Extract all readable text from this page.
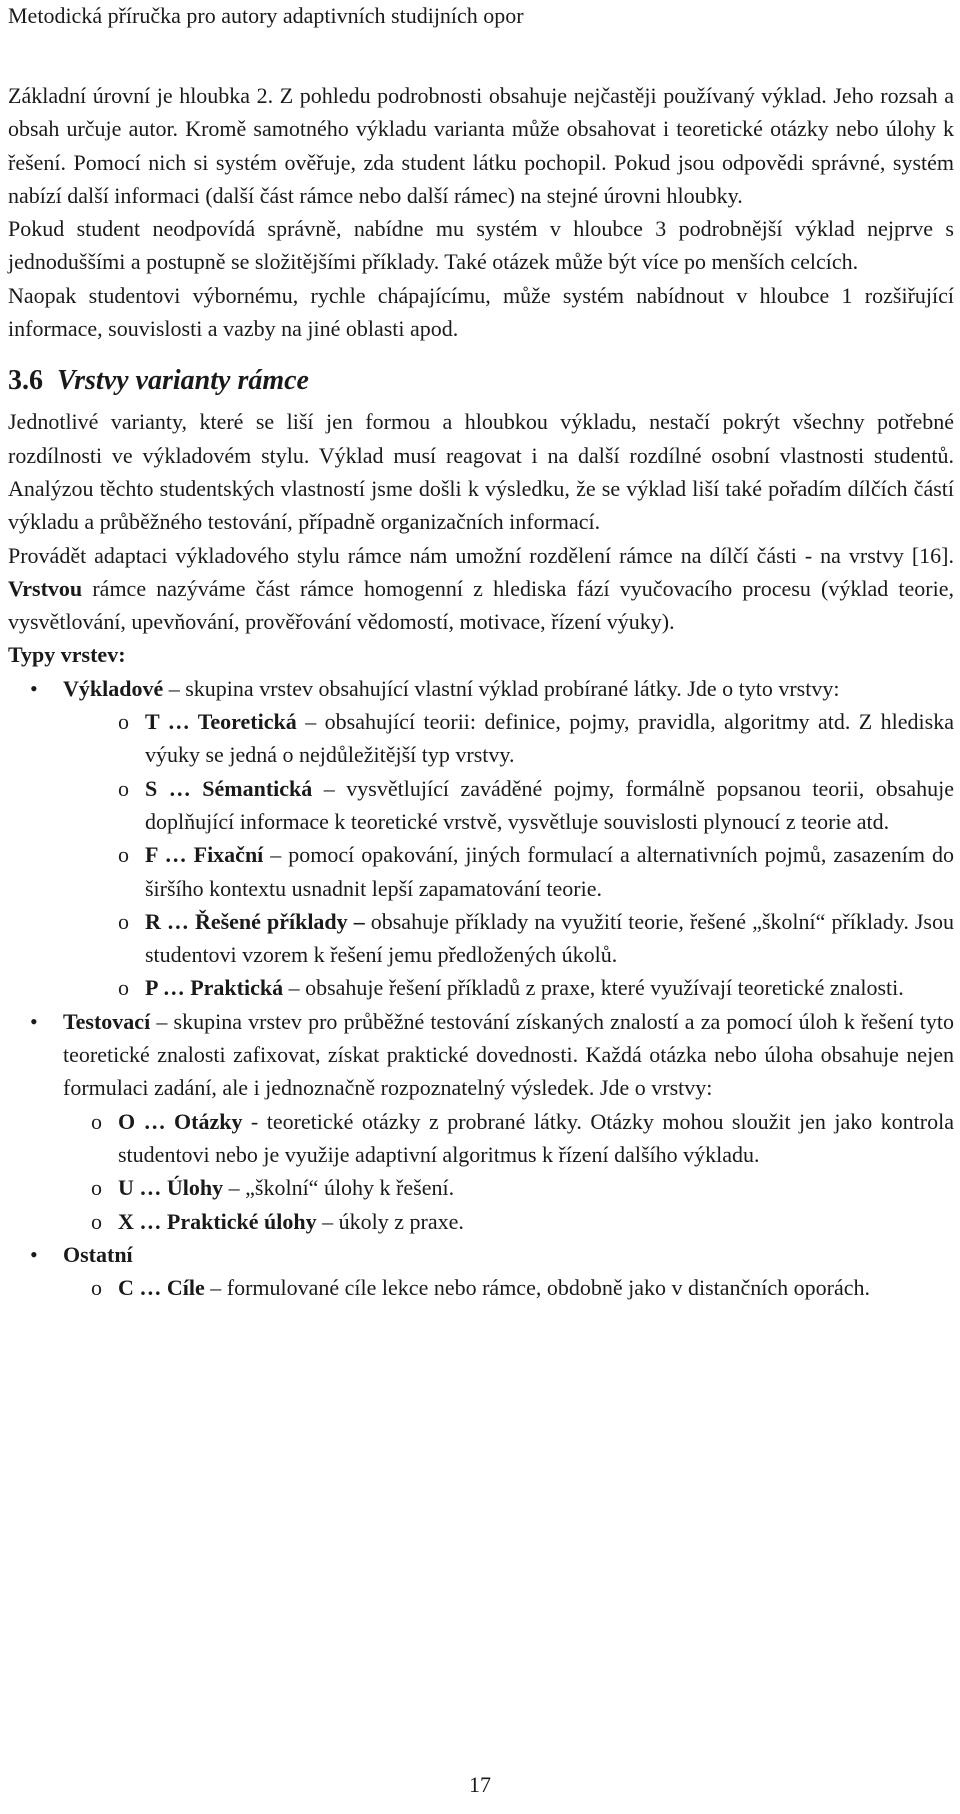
Metodická příručka pro autory adaptivních studijních opor

Základní úrovní je hloubka 2. Z pohledu podrobnosti obsahuje nejčastěji používaný výklad. Jeho rozsah a obsah určuje autor. Kromě samotného výkladu varianta může obsahovat i teoretické otázky nebo úlohy k řešení. Pomocí nich si systém ověřuje, zda student látku pochopil. Pokud jsou odpovědi správné, systém nabízí další informaci (další část rámce nebo další rámec) na stejné úrovni hloubky.

Pokud student neodpovídá správně, nabídne mu systém v hloubce 3 podrobnější výklad nejprve s jednoduššími a postupně se složitějšími příklady. Také otázek může být více po menších celcích.

Naopak studentovi výbornému, rychle chápajícímu, může systém nabídnout v hloubce 1 rozšiřující informace, souvislosti a vazby na jiné oblasti apod.

3.6 Vrstvy varianty rámce

Jednotlivé varianty, které se liší jen formou a hloubkou výkladu, nestačí pokrýt všechny potřebné rozdílnosti ve výkladovém stylu. Výklad musí reagovat i na další rozdílné osobní vlastnosti studentů. Analýzou těchto studentských vlastností jsme došli k výsledku, že se výklad liší také pořadím dílčích částí výkladu a průběžného testování, případně organizačních informací.

Provádět adaptaci výkladového stylu rámce nám umožní rozdělení rámce na dílčí části - na vrstvy [16]. Vrstvou rámce nazýváme část rámce homogenní z hlediska fází vyučovacího procesu (výklad teorie, vysvětlování, upevňování, prověřování vědomostí, motivace, řízení výuky).

Typy vrstev:

• Výkladové – skupina vrstev obsahující vlastní výklad probírané látky. Jde o tyto vrstvy:
o T … Teoretická – obsahující teorii: definice, pojmy, pravidla, algoritmy atd. Z hlediska výuky se jedná o nejdůležitější typ vrstvy.
o S … Sémantická – vysvětlující zaváděné pojmy, formálně popsanou teorii, obsahuje doplňující informace k teoretické vrstvě, vysvětluje souvislosti plynoucí z teorie atd.
o F … Fixační – pomocí opakování, jiných formulací a alternativních pojmů, zasazením do širšího kontextu usnadnit lepší zapamatování teorie.
o R … Řešené příklady – obsahuje příklady na využití teorie, řešené „školní“ příklady. Jsou studentovi vzorem k řešení jemu předložených úkolů.
o P … Praktická – obsahuje řešení příkladů z praxe, které využívají teoretické znalosti.
• Testovací – skupina vrstev pro průběžné testování získaných znalostí a za pomocí úloh k řešení tyto teoretické znalosti zafixovat, získat praktické dovednosti. Každá otázka nebo úloha obsahuje nejen formulaci zadání, ale i jednoznačně rozpoznatelný výsledek. Jde o vrstvy:
o O … Otázky - teoretické otázky z probrané látky. Otázky mohou sloužit jen jako kontrola studentovi nebo je využije adaptivní algoritmus k řízení dalšího výkladu.
o U … Úlohy – „školní“ úlohy k řešení.
o X … Praktické úlohy – úkoly z praxe.
• Ostatní
o C … Cíle – formulované cíle lekce nebo rámce, obdobně jako v distančních oporách.
17
